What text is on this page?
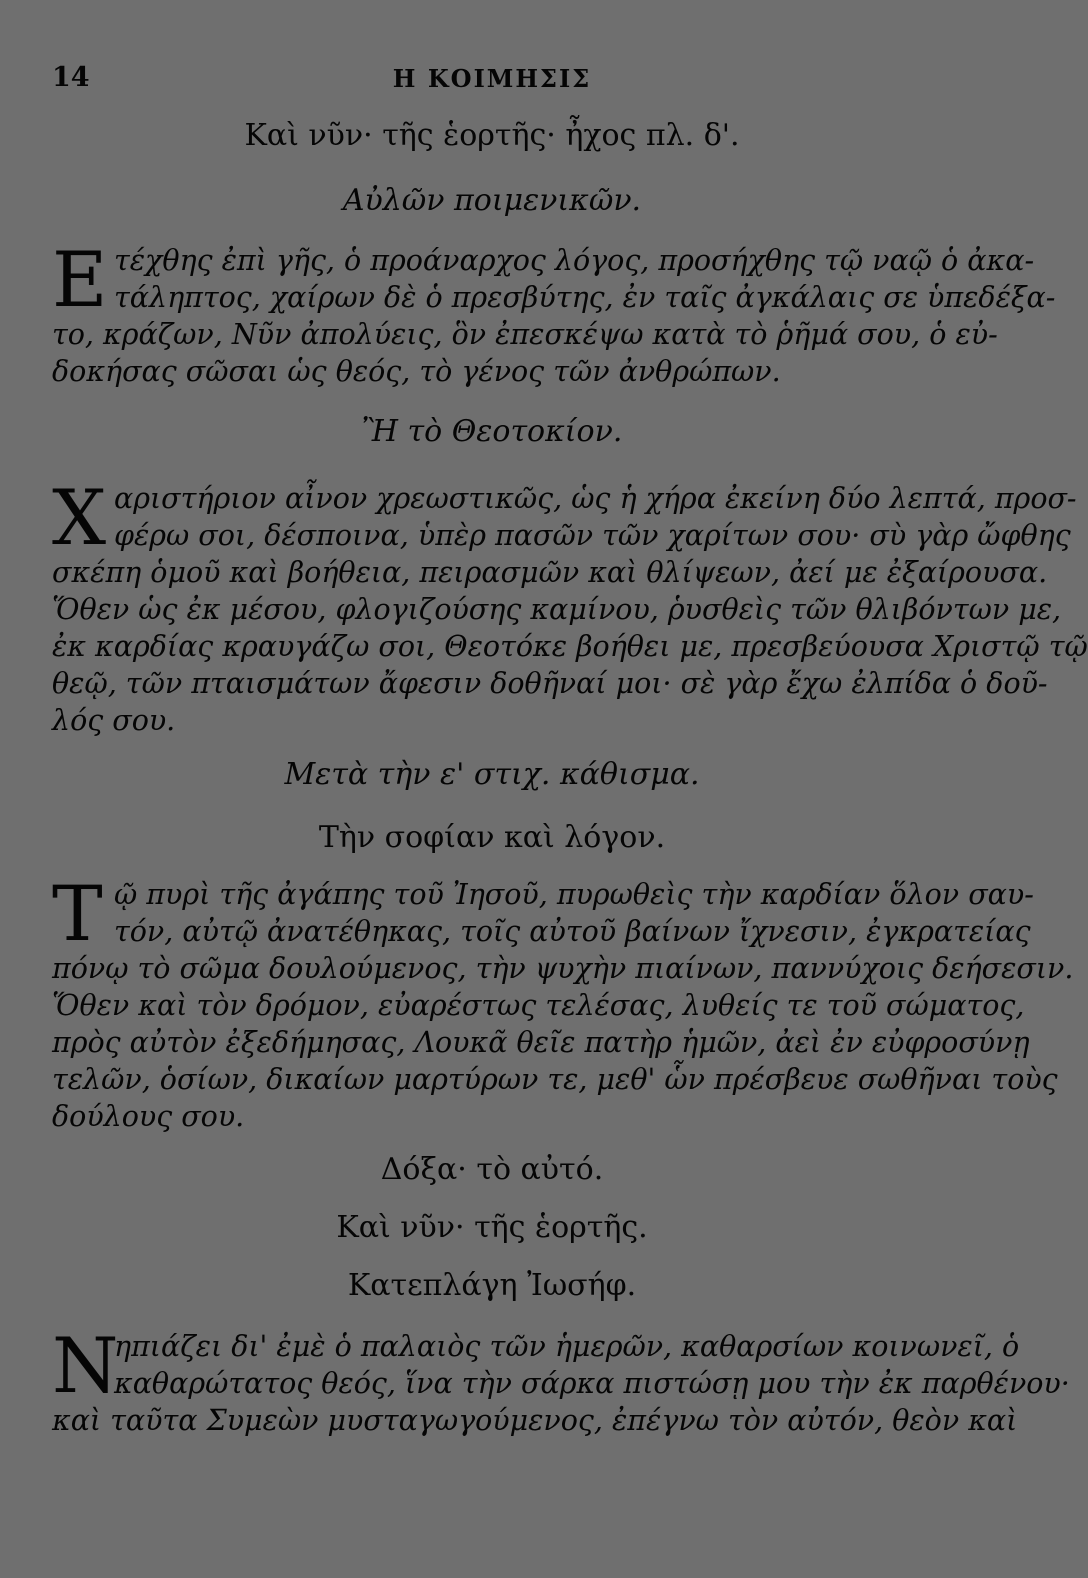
14	Η ΚΟΙΜΗΣΙΣ
Καὶ νῦν· τῆς ἑορτῆς· ἦχος πλ. δ'.
Αὐλῶν ποιμενικῶν.
Ε τέχθης ἐπὶ γῆς, ὁ προάναρχος λόγος, προσήχθης τῷ ναῷ ὁ ἀκα-
τάληπτος, χαίρων δὲ ὁ πρεσβύτης, ἐν ταῖς ἀγκάλαις σε ὑπεδέξα-
το, κράζων, Νῦν ἀπολύεις, ὃν ἐπεσκέψω κατὰ τὸ ῥῆμά σου, ὁ εὐ-
δοκήσας σῶσαι ὡς θεός, τὸ γένος τῶν ἀνθρώπων.
Ἢ τὸ Θεοτοκίον.
Χ αριστήριον αἶνον χρεωστικῶς, ὡς ἡ χήρα ἐκείνη δύο λεπτά, προσ-
φέρω σοι, δέσποινα, ὑπὲρ πασῶν τῶν χαρίτων σου· σὺ γὰρ ὤφθης
σκέπη ὁμοῦ καὶ βοήθεια, πειρασμῶν καὶ θλίψεων, ἀεί με ἐξαίρουσα.
Ὅθεν ὡς ἐκ μέσου, φλογιζούσης καμίνου, ῥυσθεὶς τῶν θλιβόντων με,
ἐκ καρδίας κραυγάζω σοι, Θεοτόκε βοήθει με, πρεσβεύουσα Χριστῷ τῷ
θεῷ, τῶν πταισμάτων ἄφεσιν δοθῆναί μοι· σὲ γὰρ ἔχω ἐλπίδα ὁ δοῦ-
λός σου.
Μετὰ τὴν ε' στιχ. κάθισμα.
Τὴν σοφίαν καὶ λόγον.
Τ ῷ πυρὶ τῆς ἀγάπης τοῦ Ἰησοῦ, πυρωθεὶς τὴν καρδίαν ὅλον σαυ-
τόν, αὐτῷ ἀνατέθηκας, τοῖς αὐτοῦ βαίνων ἴχνεσιν, ἐγκρατείας
πόνῳ τὸ σῶμα δουλούμενος, τὴν ψυχὴν πιαίνων, παννύχοις δεήσεσιν.
Ὅθεν καὶ τὸν δρόμον, εὐαρέστως τελέσας, λυθείς τε τοῦ σώματος,
πρὸς αὐτὸν ἐξεδήμησας, Λουκᾶ θεῖε πατὴρ ἡμῶν, ἀεὶ ἐν εὐφροσύνῃ
τελῶν, ὁσίων, δικαίων μαρτύρων τε, μεθ' ὧν πρέσβευε σωθῆναι τοὺς
δούλους σου.
Δόξα· τὸ αὐτό.
Καὶ νῦν· τῆς ἑορτῆς.
Κατεπλάγη Ἰωσήφ.
Ν
ηπιάζει δι' ἐμὲ ὁ παλαιὸς τῶν ἡμερῶν, καθαρσίων κοινωνεῖ, ὁ
καθαρώτατος θεός, ἵνα τὴν σάρκα πιστώσῃ μου τὴν ἐκ παρθένου·
καὶ ταῦτα Συμεὼν μυσταγωγούμενος, ἐπέγνω τὸν αὐτόν, θεὸν καὶ
